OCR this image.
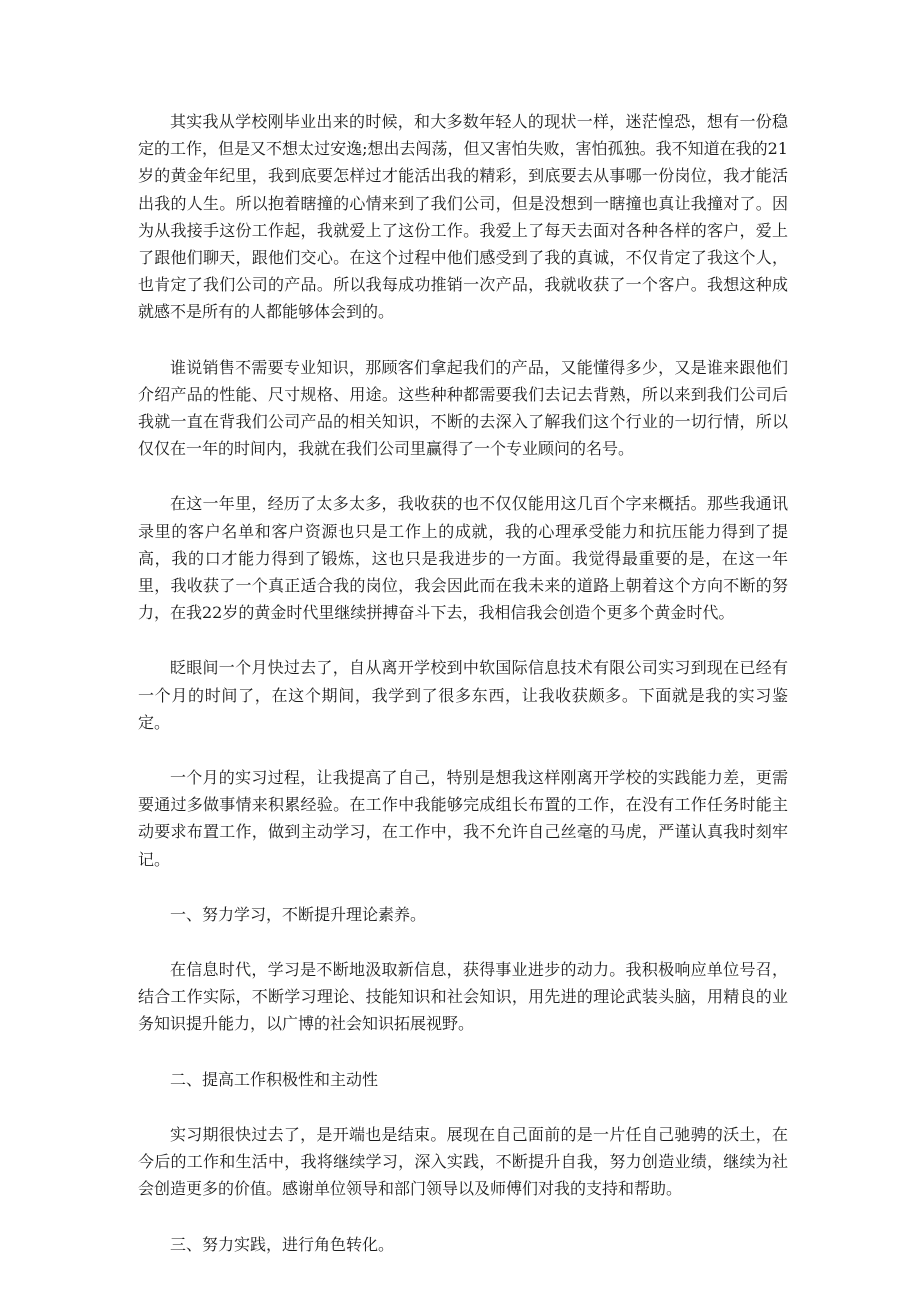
其实我从学校刚毕业出来的时候，和大多数年轻人的现状一样，迷茫惶恐，想有一份稳定的工作，但是又不想太过安逸;想出去闯荡，但又害怕失败，害怕孤独。我不知道在我的21岁的黄金年纪里，我到底要怎样过才能活出我的精彩，到底要去从事哪一份岗位，我才能活出我的人生。所以抱着瞎撞的心情来到了我们公司，但是没想到一瞎撞也真让我撞对了。因为从我接手这份工作起，我就爱上了这份工作。我爱上了每天去面对各种各样的客户，爱上了跟他们聊天，跟他们交心。在这个过程中他们感受到了我的真诚，不仅肯定了我这个人，也肯定了我们公司的产品。所以我每成功推销一次产品，我就收获了一个客户。我想这种成就感不是所有的人都能够体会到的。

谁说销售不需要专业知识，那顾客们拿起我们的产品，又能懂得多少，又是谁来跟他们介绍产品的性能、尺寸规格、用途。这些种种都需要我们去记去背熟，所以来到我们公司后我就一直在背我们公司产品的相关知识，不断的去深入了解我们这个行业的一切行情，所以仅仅在一年的时间内，我就在我们公司里赢得了一个专业顾问的名号。

在这一年里，经历了太多太多，我收获的也不仅仅能用这几百个字来概括。那些我通讯录里的客户名单和客户资源也只是工作上的成就，我的心理承受能力和抗压能力得到了提高，我的口才能力得到了锻炼，这也只是我进步的一方面。我觉得最重要的是，在这一年里，我收获了一个真正适合我的岗位，我会因此而在我未来的道路上朝着这个方向不断的努力，在我22岁的黄金时代里继续拼搏奋斗下去，我相信我会创造个更多个黄金时代。

眨眼间一个月快过去了，自从离开学校到中软国际信息技术有限公司实习到现在已经有一个月的时间了，在这个期间，我学到了很多东西，让我收获颇多。下面就是我的实习鉴定。

一个月的实习过程，让我提高了自己，特别是想我这样刚离开学校的实践能力差，更需要通过多做事情来积累经验。在工作中我能够完成组长布置的工作，在没有工作任务时能主动要求布置工作，做到主动学习，在工作中，我不允许自己丝毫的马虎，严谨认真我时刻牢记。

一、努力学习，不断提升理论素养。

在信息时代，学习是不断地汲取新信息，获得事业进步的动力。我积极响应单位号召，结合工作实际，不断学习理论、技能知识和社会知识，用先进的理论武装头脑，用精良的业务知识提升能力，以广博的社会知识拓展视野。

二、提高工作积极性和主动性

实习期很快过去了，是开端也是结束。展现在自己面前的是一片任自己驰骋的沃土，在今后的工作和生活中，我将继续学习，深入实践，不断提升自我，努力创造业绩，继续为社会创造更多的价值。感谢单位领导和部门领导以及师傅们对我的支持和帮助。

三、努力实践，进行角色转化。
